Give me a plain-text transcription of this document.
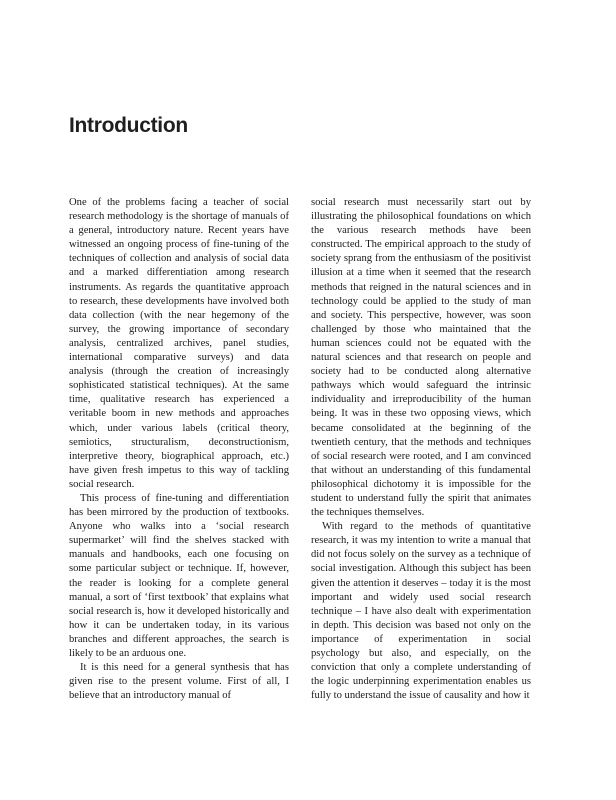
Introduction

One of the problems facing a teacher of social research methodology is the shortage of manuals of a general, introductory nature. Recent years have witnessed an ongoing process of fine-tuning of the techniques of collection and analysis of social data and a marked differentiation among research instruments. As regards the quantitative approach to research, these developments have involved both data collection (with the near hegemony of the survey, the growing importance of secondary analysis, centralized archives, panel studies, international comparative surveys) and data analysis (through the creation of increasingly sophisticated statistical techniques). At the same time, qualitative research has experienced a veritable boom in new methods and approaches which, under various labels (critical theory, semiotics, structuralism, deconstructionism, interpretive theory, biographical approach, etc.) have given fresh impetus to this way of tackling social research.

This process of fine-tuning and differentiation has been mirrored by the production of textbooks. Anyone who walks into a ‘social research supermarket’ will find the shelves stacked with manuals and handbooks, each one focusing on some particular subject or technique. If, however, the reader is looking for a complete general manual, a sort of ‘first textbook’ that explains what social research is, how it developed historically and how it can be undertaken today, in its various branches and different approaches, the search is likely to be an arduous one.

It is this need for a general synthesis that has given rise to the present volume. First of all, I believe that an introductory manual of

social research must necessarily start out by illustrating the philosophical foundations on which the various research methods have been constructed. The empirical approach to the study of society sprang from the enthusiasm of the positivist illusion at a time when it seemed that the research methods that reigned in the natural sciences and in technology could be applied to the study of man and society. This perspective, however, was soon challenged by those who maintained that the human sciences could not be equated with the natural sciences and that research on people and society had to be conducted along alternative pathways which would safeguard the intrinsic individuality and irreproducibility of the human being. It was in these two opposing views, which became consolidated at the beginning of the twentieth century, that the methods and techniques of social research were rooted, and I am convinced that without an understanding of this fundamental philosophical dichotomy it is impossible for the student to understand fully the spirit that animates the techniques themselves.

With regard to the methods of quantitative research, it was my intention to write a manual that did not focus solely on the survey as a technique of social investigation. Although this subject has been given the attention it deserves – today it is the most important and widely used social research technique – I have also dealt with experimentation in depth. This decision was based not only on the importance of experimentation in social psychology but also, and especially, on the conviction that only a complete understanding of the logic underpinning experimentation enables us fully to understand the issue of causality and how it
